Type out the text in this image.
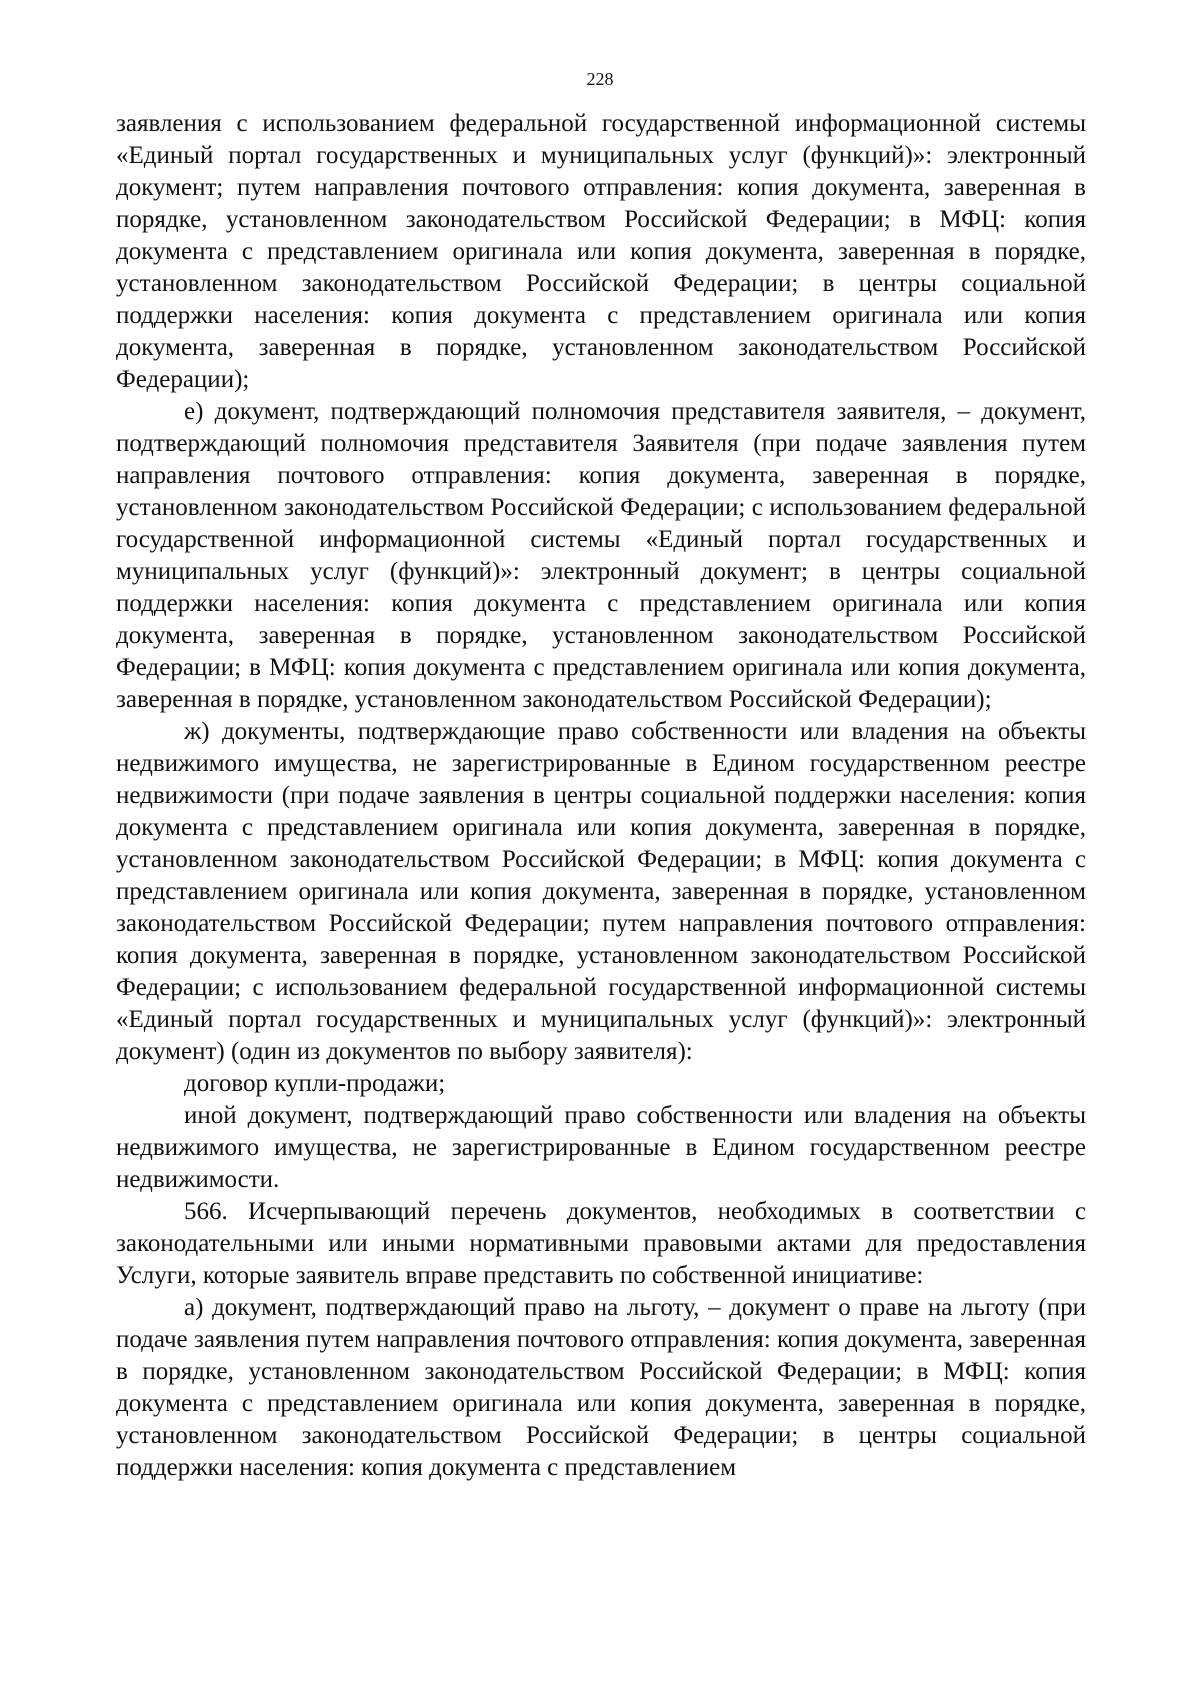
228

заявления с использованием федеральной государственной информационной системы «Единый портал государственных и муниципальных услуг (функций)»: электронный документ; путем направления почтового отправления: копия документа, заверенная в порядке, установленном законодательством Российской Федерации; в МФЦ: копия документа с представлением оригинала или копия документа, заверенная в порядке, установленном законодательством Российской Федерации; в центры социальной поддержки населения: копия документа с представлением оригинала или копия документа, заверенная в порядке, установленном законодательством Российской Федерации);

е) документ, подтверждающий полномочия представителя заявителя, – документ, подтверждающий полномочия представителя Заявителя (при подаче заявления путем направления почтового отправления: копия документа, заверенная в порядке, установленном законодательством Российской Федерации; с использованием федеральной государственной информационной системы «Единый портал государственных и муниципальных услуг (функций)»: электронный документ; в центры социальной поддержки населения: копия документа с представлением оригинала или копия документа, заверенная в порядке, установленном законодательством Российской Федерации; в МФЦ: копия документа с представлением оригинала или копия документа, заверенная в порядке, установленном законодательством Российской Федерации);

ж) документы, подтверждающие право собственности или владения на объекты недвижимого имущества, не зарегистрированные в Едином государственном реестре недвижимости (при подаче заявления в центры социальной поддержки населения: копия документа с представлением оригинала или копия документа, заверенная в порядке, установленном законодательством Российской Федерации; в МФЦ: копия документа с представлением оригинала или копия документа, заверенная в порядке, установленном законодательством Российской Федерации; путем направления почтового отправления: копия документа, заверенная в порядке, установленном законодательством Российской Федерации; с использованием федеральной государственной информационной системы «Единый портал государственных и муниципальных услуг (функций)»: электронный документ) (один из документов по выбору заявителя):

договор купли-продажи;

иной документ, подтверждающий право собственности или владения на объекты недвижимого имущества, не зарегистрированные в Едином государственном реестре недвижимости.

566. Исчерпывающий перечень документов, необходимых в соответствии с законодательными или иными нормативными правовыми актами для предоставления Услуги, которые заявитель вправе представить по собственной инициативе:

а) документ, подтверждающий право на льготу, – документ о праве на льготу (при подаче заявления путем направления почтового отправления: копия документа, заверенная в порядке, установленном законодательством Российской Федерации; в МФЦ: копия документа с представлением оригинала или копия документа, заверенная в порядке, установленном законодательством Российской Федерации; в центры социальной поддержки населения: копия документа с представлением
